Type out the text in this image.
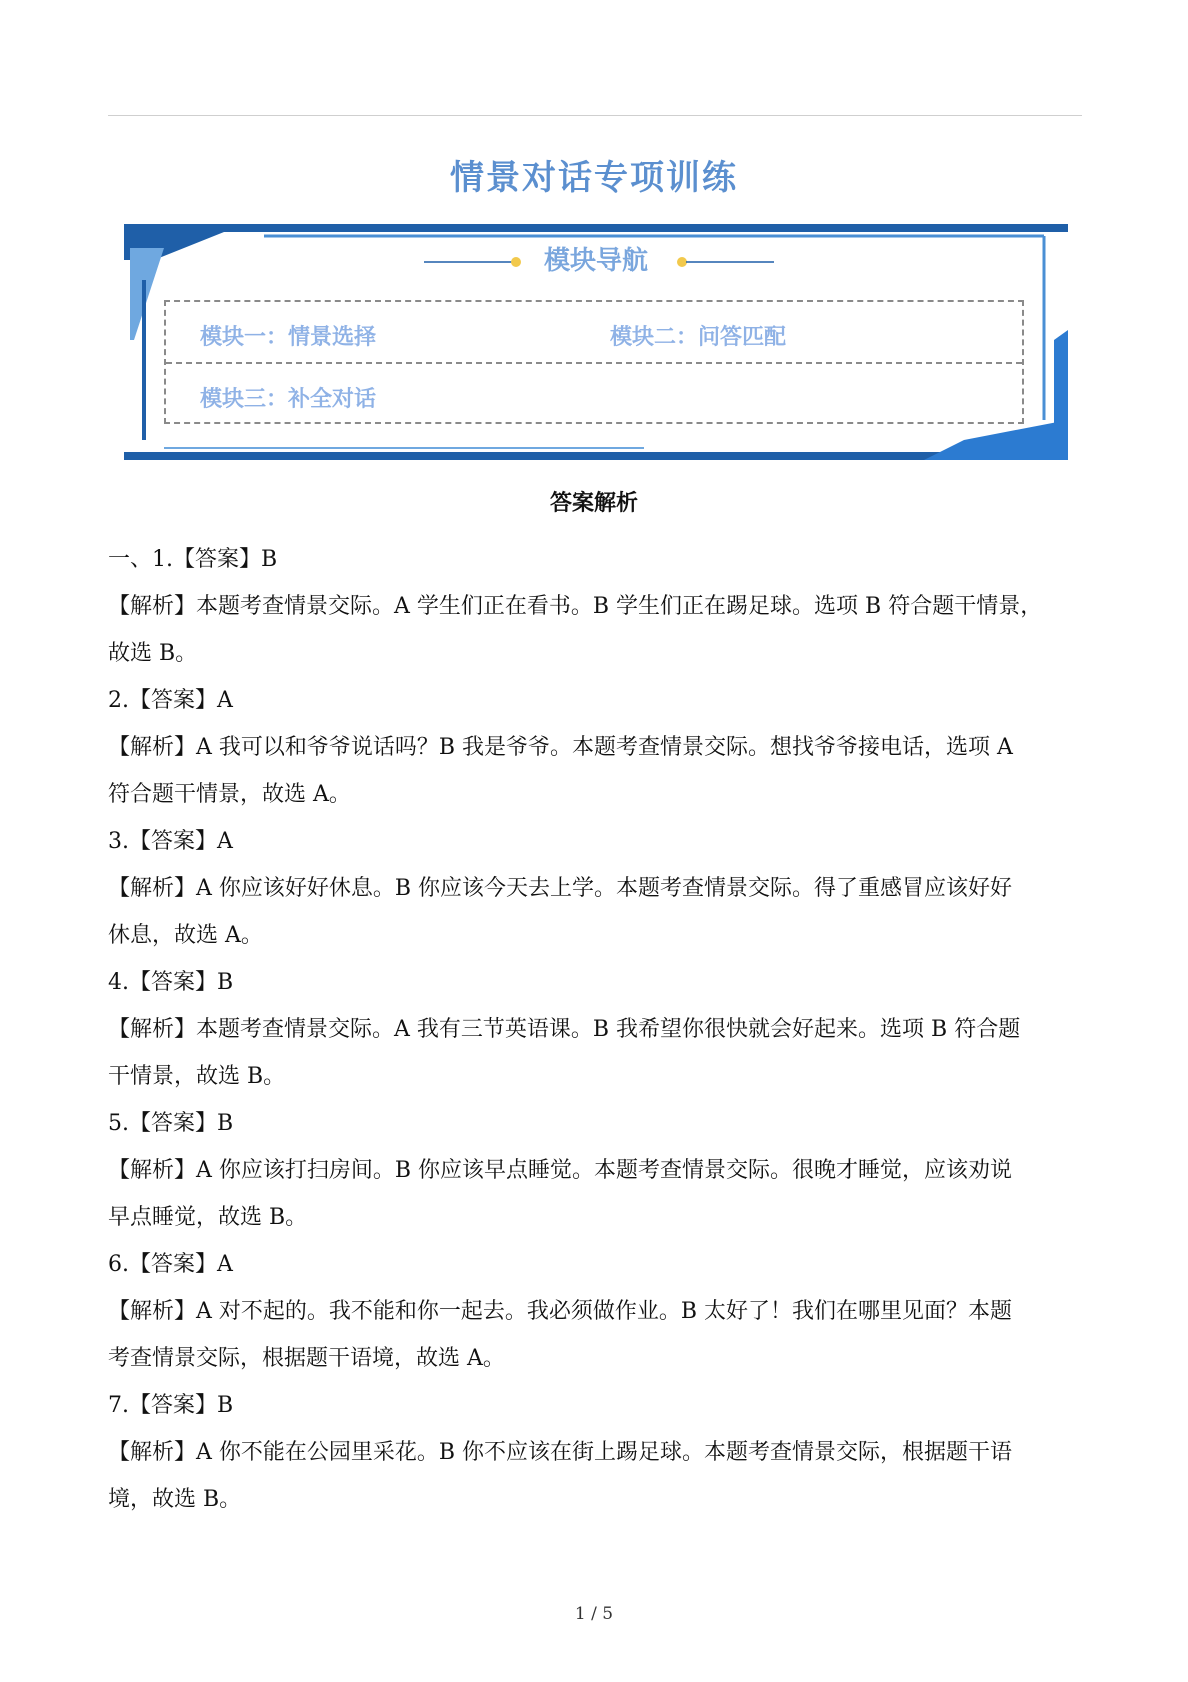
情景对话专项训练
模块导航
模块一：情景选择	模块二：问答匹配
模块三：补全对话
答案解析

一、1.【答案】B

【解析】本题考查情景交际。A 学生们正在看书。B 学生们正在踢足球。选项 B 符合题干情景，

故选 B。

2.【答案】A

【解析】A 我可以和爷爷说话吗？B 我是爷爷。本题考查情景交际。想找爷爷接电话，选项 A

符合题干情景，故选 A。

3.【答案】A

【解析】A 你应该好好休息。B 你应该今天去上学。本题考查情景交际。得了重感冒应该好好

休息，故选 A。

4.【答案】B

【解析】本题考查情景交际。A 我有三节英语课。B 我希望你很快就会好起来。选项 B 符合题

干情景，故选 B。

5.【答案】B

【解析】A 你应该打扫房间。B 你应该早点睡觉。本题考查情景交际。很晚才睡觉，应该劝说

早点睡觉，故选 B。

6.【答案】A

【解析】A 对不起的。我不能和你一起去。我必须做作业。B 太好了！我们在哪里见面？本题

考查情景交际，根据题干语境，故选 A。

7.【答案】B

【解析】A 你不能在公园里采花。B 你不应该在街上踢足球。本题考查情景交际，根据题干语

境，故选 B。

1 / 5
